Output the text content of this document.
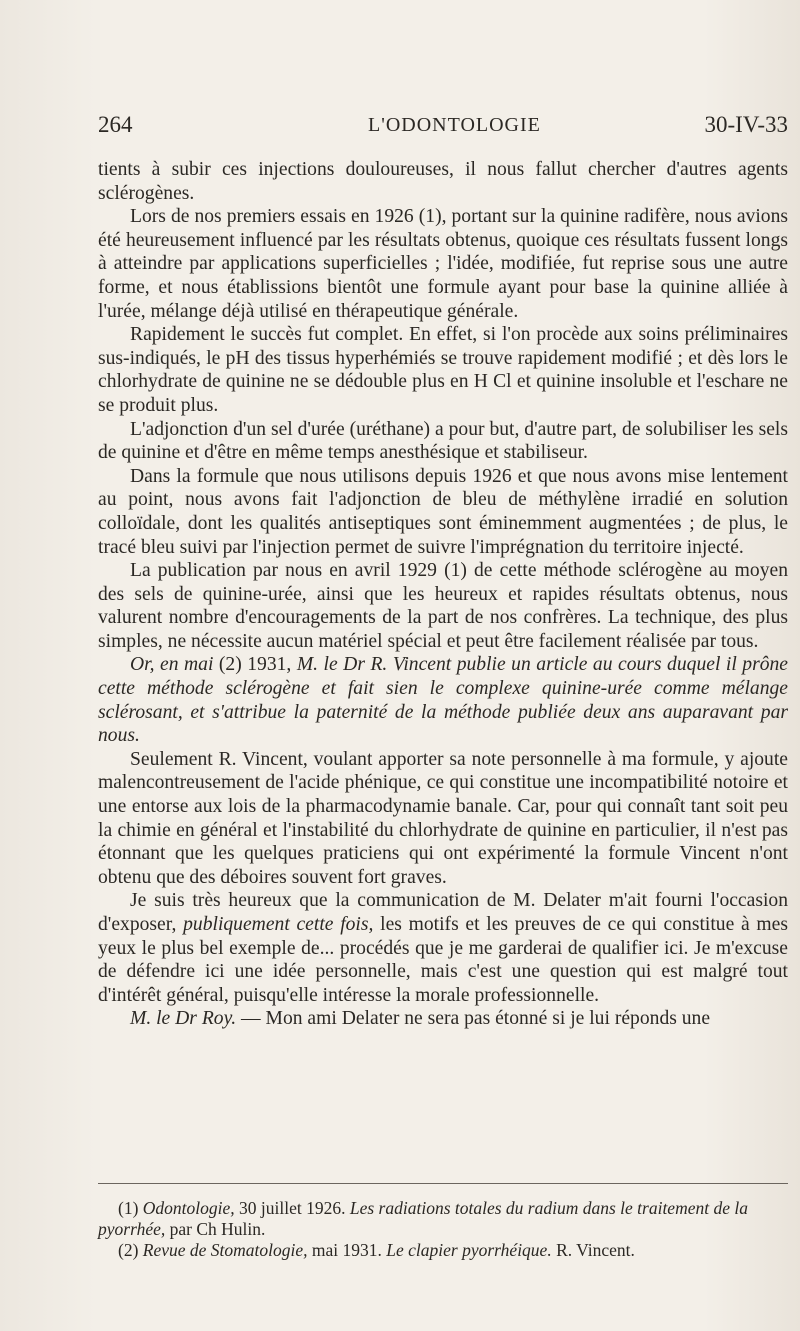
264	L'ODONTOLOGIE	30-IV-33

tients à subir ces injections douloureuses, il nous fallut chercher d'autres agents sclérogènes.

Lors de nos premiers essais en 1926 (1), portant sur la quinine radifère, nous avions été heureusement influencé par les résultats obtenus, quoique ces résultats fussent longs à atteindre par applications superficielles ; l'idée, modifiée, fut reprise sous une autre forme, et nous établissions bientôt une formule ayant pour base la quinine alliée à l'urée, mélange déjà utilisé en thérapeutique générale.

Rapidement le succès fut complet. En effet, si l'on procède aux soins préliminaires sus-indiqués, le pH des tissus hyperhémiés se trouve rapidement modifié ; et dès lors le chlorhydrate de quinine ne se dédouble plus en H Cl et quinine insoluble et l'eschare ne se produit plus.

L'adjonction d'un sel d'urée (uréthane) a pour but, d'autre part, de solubiliser les sels de quinine et d'être en même temps anesthésique et stabiliseur.

Dans la formule que nous utilisons depuis 1926 et que nous avons mise lentement au point, nous avons fait l'adjonction de bleu de méthylène irradié en solution colloïdale, dont les qualités antiseptiques sont éminemment augmentées ; de plus, le tracé bleu suivi par l'injection permet de suivre l'imprégnation du territoire injecté.

La publication par nous en avril 1929 (1) de cette méthode sclérogène au moyen des sels de quinine-urée, ainsi que les heureux et rapides résultats obtenus, nous valurent nombre d'encouragements de la part de nos confrères. La technique, des plus simples, ne nécessite aucun matériel spécial et peut être facilement réalisée par tous.

Or, en mai (2) 1931, M. le Dr R. Vincent publie un article au cours duquel il prône cette méthode sclérogène et fait sien le complexe quinine-urée comme mélange sclérosant, et s'attribue la paternité de la méthode publiée deux ans auparavant par nous.

Seulement R. Vincent, voulant apporter sa note personnelle à ma formule, y ajoute malencontreusement de l'acide phénique, ce qui constitue une incompatibilité notoire et une entorse aux lois de la pharmacodynamie banale. Car, pour qui connaît tant soit peu la chimie en général et l'instabilité du chlorhydrate de quinine en particulier, il n'est pas étonnant que les quelques praticiens qui ont expérimenté la formule Vincent n'ont obtenu que des déboires souvent fort graves.

Je suis très heureux que la communication de M. Delater m'ait fourni l'occasion d'exposer, publiquement cette fois, les motifs et les preuves de ce qui constitue à mes yeux le plus bel exemple de... procédés que je me garderai de qualifier ici. Je m'excuse de défendre ici une idée personnelle, mais c'est une question qui est malgré tout d'intérêt général, puisqu'elle intéresse la morale professionnelle.

M. le Dr Roy. — Mon ami Delater ne sera pas étonné si je lui réponds une

(1) Odontologie, 30 juillet 1926. Les radiations totales du radium dans le traitement de la pyorrhée, par Ch Hulin.

(2) Revue de Stomatologie, mai 1931. Le clapier pyorrhéique. R. Vincent.
